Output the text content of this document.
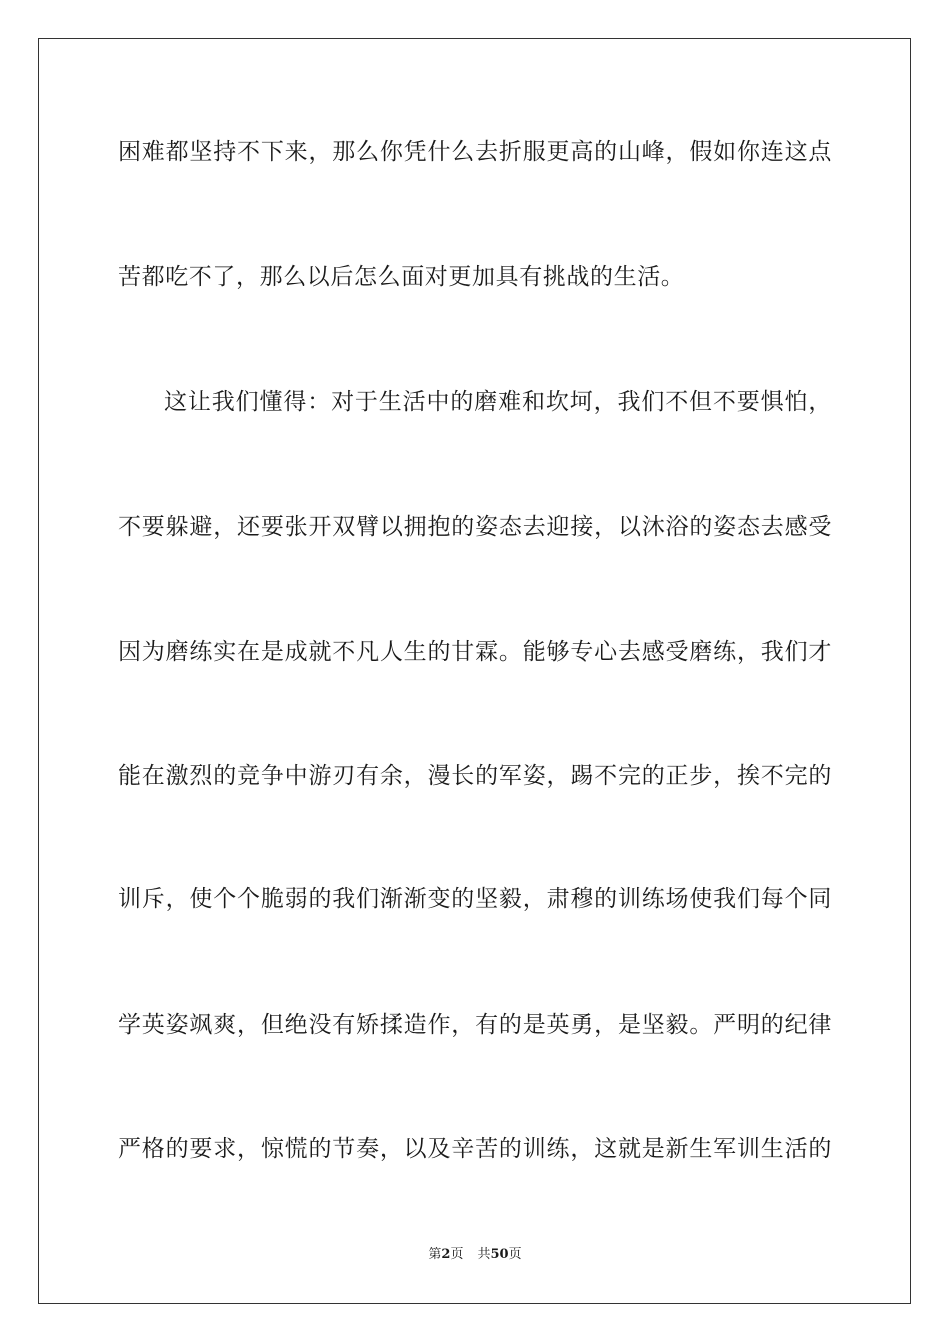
困难都坚持不下来，那么你凭什么去折服更高的山峰，假如你连这点
苦都吃不了，那么以后怎么面对更加具有挑战的生活。
这让我们懂得：对于生活中的磨难和坎坷，我们不但不要惧怕，
不要躲避，还要张开双臂以拥抱的姿态去迎接，以沐浴的姿态去感受
因为磨练实在是成就不凡人生的甘霖。能够专心去感受磨练，我们才
能在激烈的竞争中游刃有余，漫长的军姿，踢不完的正步，挨不完的
训斥，使个个脆弱的我们渐渐变的坚毅，肃穆的训练场使我们每个同
学英姿飒爽，但绝没有矫揉造作，有的是英勇，是坚毅。严明的纪律
严格的要求，惊慌的节奏，以及辛苦的训练，这就是新生军训生活的
第2页 共50页
